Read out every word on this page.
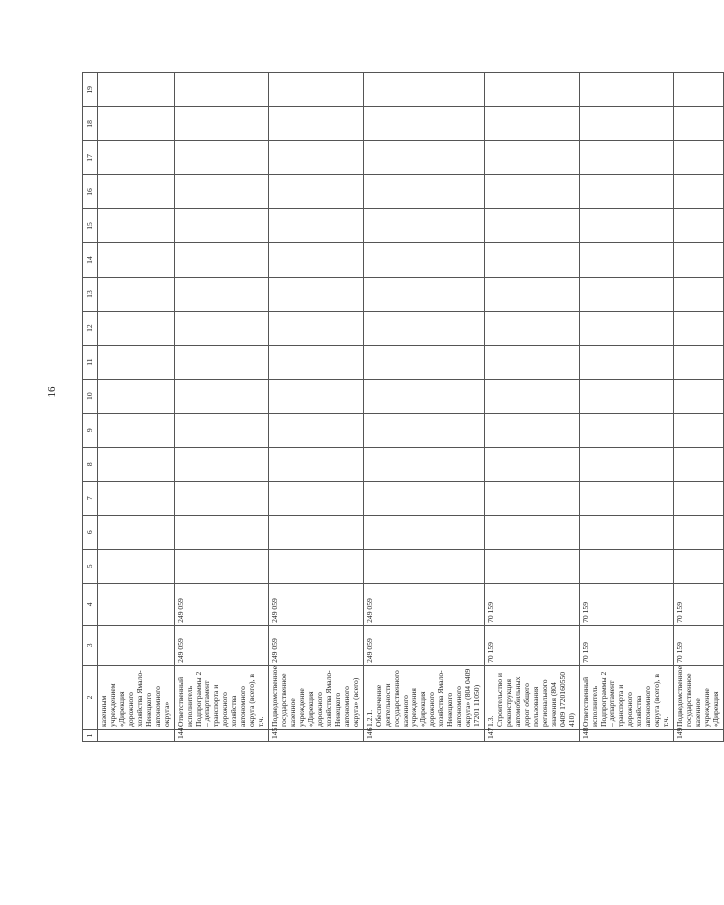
16
1	2	3	4	5	6	7	8	9	10	11	12	13	14	15	16	17	18	19
	казенным учреждением «Дирекция дорожного хозяйства Ямало-Ненецкого автономного округа»																	
144	Ответственный исполнитель Подпрограммы 2 – департамент транспорта и дорожного хозяйства автономного округа (всего), в т.ч.	249 059	249 059															
145	Подведомственное государственное казенное учреждение «Дирекция дорожного хозяйства Ямало-Ненецкого автономного округа» (всего)	249 059	249 059															
146	1.2.1. Обеспечение деятельности государственного казенного учреждения «Дирекция дорожного хозяйства Ямало-Ненецкого автономного округа» (804 0409 17201 11050)	249 059	249 059															
147	1.3. Строительство и реконструкция автомобильных дорог общего пользования регионального значения (804 0409 1720160550 410)	70 159	70 159															
148	Ответственный исполнитель Подпрограммы 2 – департамент транспорта и дорожного хозяйства автономного округа (всего), в т.ч.	70 159	70 159															
149	Подведомственное государственное казенное учреждение «Дирекция	70 159	70 159															
